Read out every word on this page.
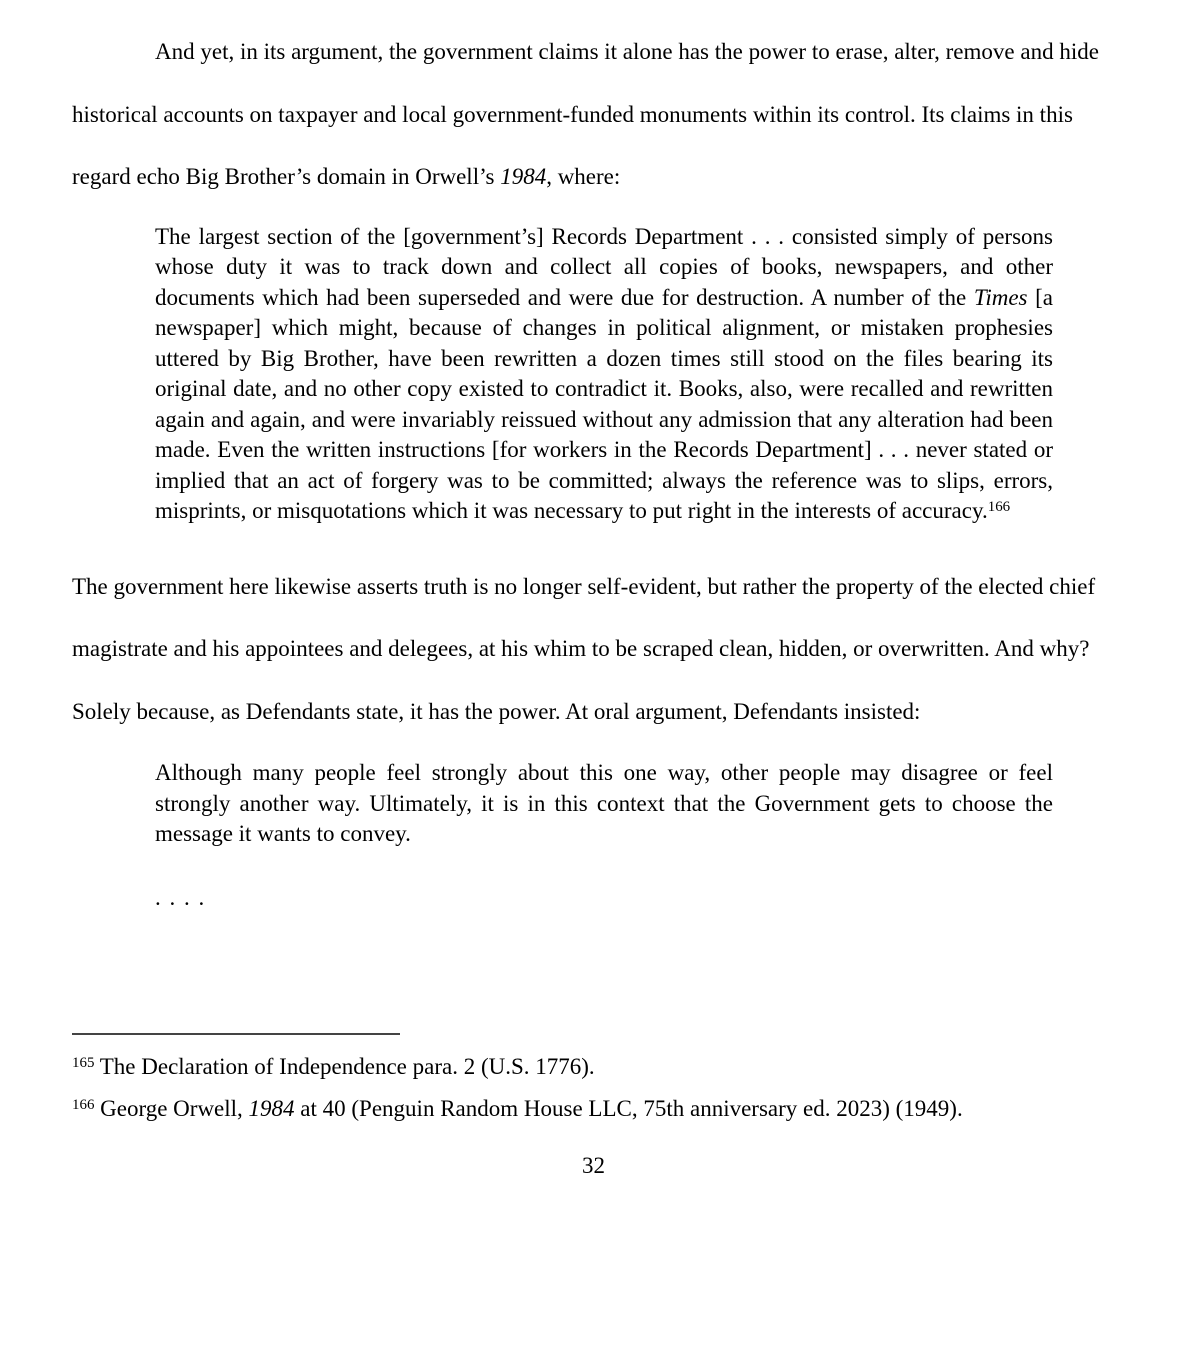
And yet, in its argument, the government claims it alone has the power to erase, alter, remove and hide historical accounts on taxpayer and local government-funded monuments within its control. Its claims in this regard echo Big Brother’s domain in Orwell’s 1984, where:

The largest section of the [government’s] Records Department . . . consisted simply of persons whose duty it was to track down and collect all copies of books, newspapers, and other documents which had been superseded and were due for destruction. A number of the Times [a newspaper] which might, because of changes in political alignment, or mistaken prophesies uttered by Big Brother, have been rewritten a dozen times still stood on the files bearing its original date, and no other copy existed to contradict it. Books, also, were recalled and rewritten again and again, and were invariably reissued without any admission that any alteration had been made. Even the written instructions [for workers in the Records Department] . . . never stated or implied that an act of forgery was to be committed; always the reference was to slips, errors, misprints, or misquotations which it was necessary to put right in the interests of accuracy.$^{166}$

The government here likewise asserts truth is no longer self-evident, but rather the property of the elected chief magistrate and his appointees and delegees, at his whim to be scraped clean, hidden, or overwritten. And why? Solely because, as Defendants state, it has the power. At oral argument, Defendants insisted:

Although many people feel strongly about this one way, other people may disagree or feel strongly another way. Ultimately, it is in this context that the Government gets to choose the message it wants to convey.

. . . .

$^{165}$ The Declaration of Independence para. 2 (U.S. 1776).

$^{166}$ George Orwell, 1984 at 40 (Penguin Random House LLC, 75th anniversary ed. 2023) (1949).

32
